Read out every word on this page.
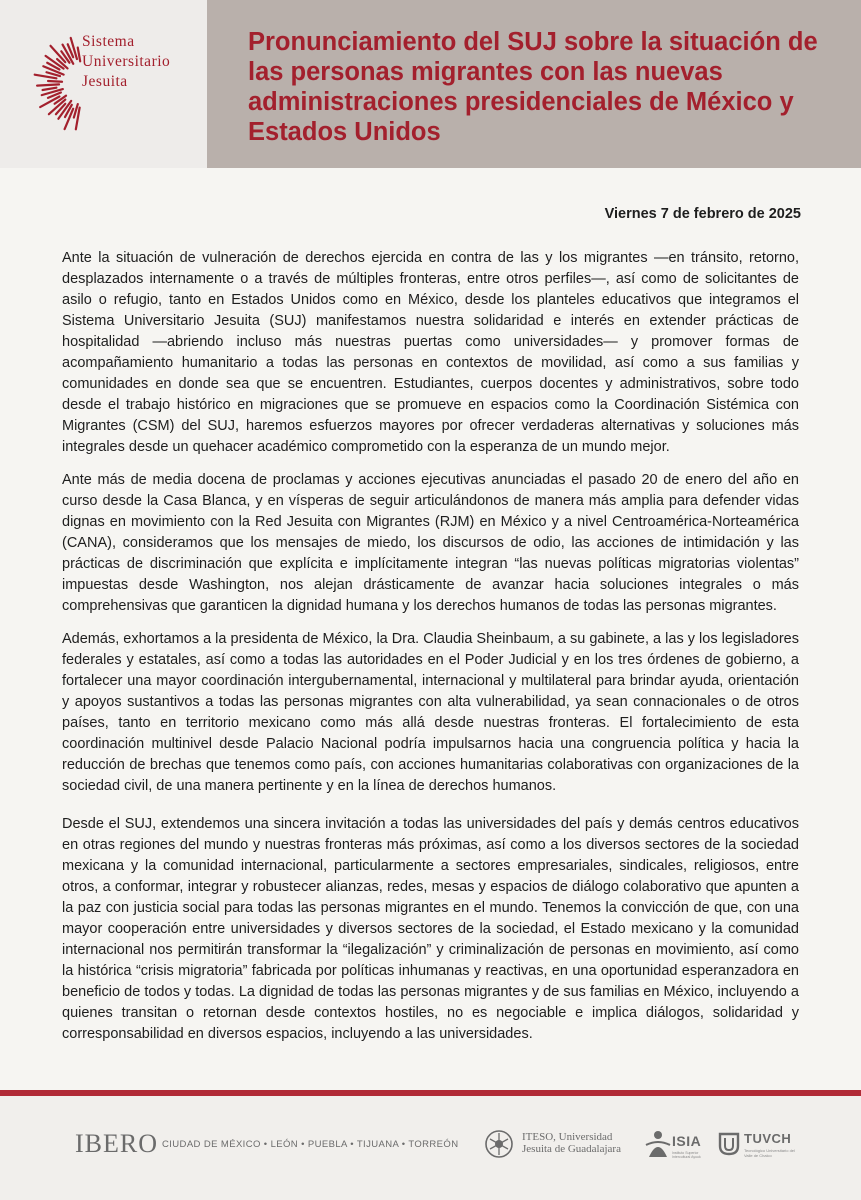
Sistema
Universitario
Jesuita
Pronunciamiento del SUJ sobre la situación de las personas migrantes con las nuevas administraciones presidenciales de México y Estados Unidos
Viernes 7 de febrero de 2025

Ante la situación de vulneración de derechos ejercida en contra de las y los migrantes —en tránsito, retorno, desplazados internamente o a través de múltiples fronteras, entre otros perfiles—, así como de solicitantes de asilo o refugio, tanto en Estados Unidos como en México, desde los planteles educativos que integramos el Sistema Universitario Jesuita (SUJ) manifestamos nuestra solidaridad e interés en extender prácticas de hospitalidad —abriendo incluso más nuestras puertas como universidades— y promover formas de acompañamiento humanitario a todas las personas en contextos de movilidad, así como a sus familias y comunidades en donde sea que se encuentren. Estudiantes, cuerpos docentes y administrativos, sobre todo desde el trabajo histórico en migraciones que se promueve en espacios como la Coordinación Sistémica con Migrantes (CSM) del SUJ, haremos esfuerzos mayores por ofrecer verdaderas alternativas y soluciones más integrales desde un quehacer académico comprometido con la esperanza de un mundo mejor.

Ante más de media docena de proclamas y acciones ejecutivas anunciadas el pasado 20 de enero del año en curso desde la Casa Blanca, y en vísperas de seguir articulándonos de manera más amplia para defender vidas dignas en movimiento con la Red Jesuita con Migrantes (RJM) en México y a nivel Centroamérica-Norteamérica (CANA), consideramos que los mensajes de miedo, los discursos de odio, las acciones de intimidación y las prácticas de discriminación que explícita e implícitamente integran “las nuevas políticas migratorias violentas” impuestas desde Washington, nos alejan drásticamente de avanzar hacia soluciones integrales o más comprehensivas que garanticen la dignidad humana y los derechos humanos de todas las personas migrantes.

Además, exhortamos a la presidenta de México, la Dra. Claudia Sheinbaum, a su gabinete, a las y los legisladores federales y estatales, así como a todas las autoridades en el Poder Judicial y en los tres órdenes de gobierno, a fortalecer una mayor coordinación intergubernamental, internacional y multilateral para brindar ayuda, orientación y apoyos sustantivos a todas las personas migrantes con alta vulnerabilidad, ya sean connacionales o de otros países, tanto en territorio mexicano como más allá desde nuestras fronteras. El fortalecimiento de esta coordinación multinivel desde Palacio Nacional podría impulsarnos hacia una congruencia política y hacia la reducción de brechas que tenemos como país, con acciones humanitarias colaborativas con organizaciones de la sociedad civil, de una manera pertinente y en la línea de derechos humanos.

Desde el SUJ, extendemos una sincera invitación a todas las universidades del país y demás centros educativos en otras regiones del mundo y nuestras fronteras más próximas, así como a los diversos sectores de la sociedad mexicana y la comunidad internacional, particularmente a sectores empresariales, sindicales, religiosos, entre otros, a conformar, integrar y robustecer alianzas, redes, mesas y espacios de diálogo colaborativo que apunten a la paz con justicia social para todas las personas migrantes en el mundo. Tenemos la convicción de que, con una mayor cooperación entre universidades y diversos sectores de la sociedad, el Estado mexicano y la comunidad internacional nos permitirán transformar la “ilegalización” y criminalización de personas en movimiento, así como la histórica “crisis migratoria” fabricada por políticas inhumanas y reactivas, en una oportunidad esperanzadora en beneficio de todos y todas. La dignidad de todas las personas migrantes y de sus familias en México, incluyendo a quienes transitan o retornan desde contextos hostiles, no es negociable e implica diálogos, solidaridad y corresponsabilidad en diversos espacios, incluyendo a las universidades.

IBERO CIUDAD DE MÉXICO • LEÓN • PUEBLA • TIJUANA • TORREÓN
ITESO, Universidad
Jesuita de Guadalajara	ISIA
Instituto Superior Intercultural Ayuuk
TUVCH
Tecnológico Universitario del Valle de Chalco
